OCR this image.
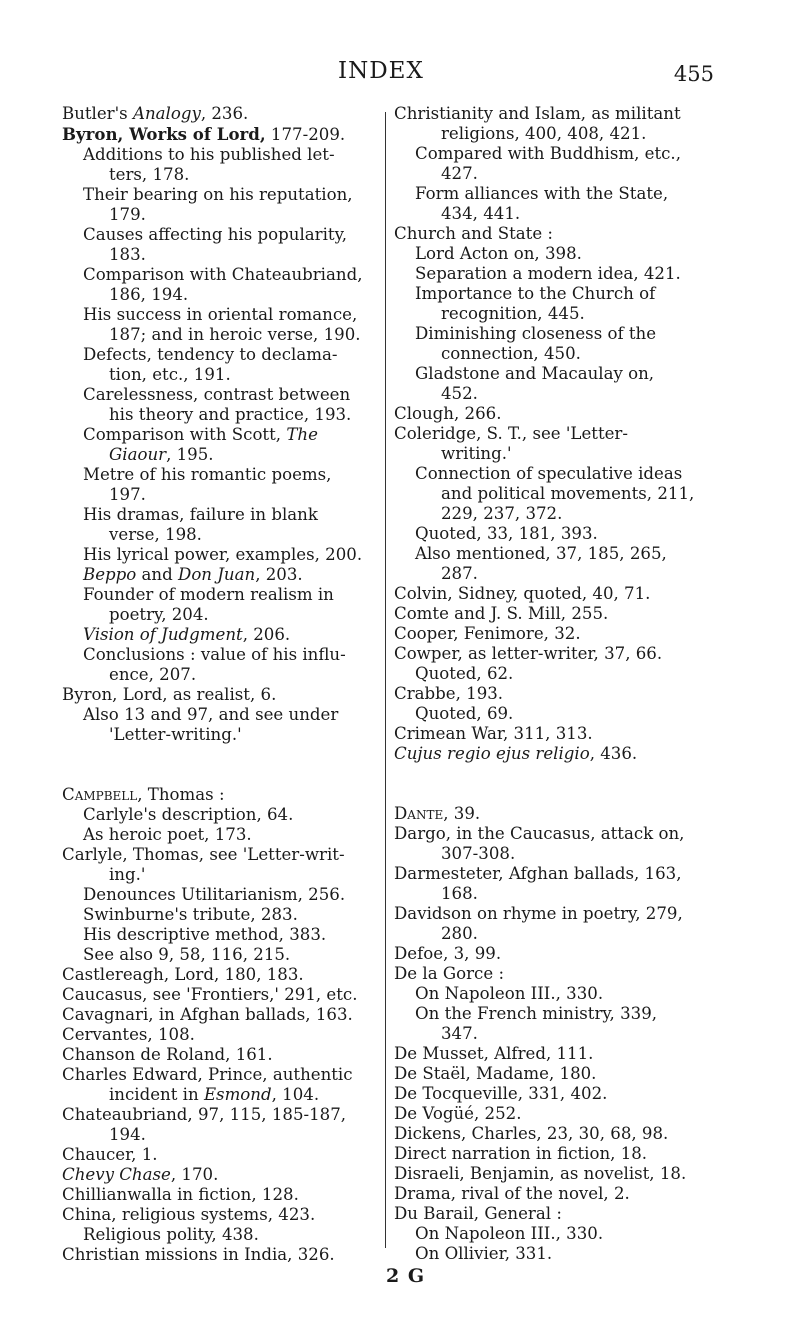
INDEX	455
Butler's Analogy, 236.
Byron, Works of Lord, 177-209.
Additions to his published let-
ters, 178.
Their bearing on his reputation,
179.
Causes affecting his popularity,
183.
Comparison with Chateaubriand,
186, 194.
His success in oriental romance,
187; and in heroic verse, 190.
Defects, tendency to declama-
tion, etc., 191.
Carelessness, contrast between
his theory and practice, 193.
Comparison with Scott, The
Giaour, 195.
Metre of his romantic poems,
197.
His dramas, failure in blank
verse, 198.
His lyrical power, examples, 200.
Beppo and Don Juan, 203.
Founder of modern realism in
poetry, 204.
Vision of Judgment, 206.
Conclusions : value of his influ-
ence, 207.
Byron, Lord, as realist, 6.
Also 13 and 97, and see under
'Letter-writing.'
Campbell, Thomas :
Carlyle's description, 64.
As heroic poet, 173.
Carlyle, Thomas, see 'Letter-writ-
ing.'
Denounces Utilitarianism, 256.
Swinburne's tribute, 283.
His descriptive method, 383.
See also 9, 58, 116, 215.
Castlereagh, Lord, 180, 183.
Caucasus, see 'Frontiers,' 291, etc.
Cavagnari, in Afghan ballads, 163.
Cervantes, 108.
Chanson de Roland, 161.
Charles Edward, Prince, authentic
incident in Esmond, 104.
Chateaubriand, 97, 115, 185-187,
194.
Chaucer, 1.
Chevy Chase, 170.
Chillianwalla in fiction, 128.
China, religious systems, 423.
Religious polity, 438.
Christian missions in India, 326.
Christianity and Islam, as militant
religions, 400, 408, 421.
Compared with Buddhism, etc.,
427.
Form alliances with the State,
434, 441.
Church and State :
Lord Acton on, 398.
Separation a modern idea, 421.
Importance to the Church of
recognition, 445.
Diminishing closeness of the
connection, 450.
Gladstone and Macaulay on,
452.
Clough, 266.
Coleridge, S. T., see 'Letter-
writing.'
Connection of speculative ideas
and political movements, 211,
229, 237, 372.
Quoted, 33, 181, 393.
Also mentioned, 37, 185, 265,
287.
Colvin, Sidney, quoted, 40, 71.
Comte and J. S. Mill, 255.
Cooper, Fenimore, 32.
Cowper, as letter-writer, 37, 66.
Quoted, 62.
Crabbe, 193.
Quoted, 69.
Crimean War, 311, 313.
Cujus regio ejus religio, 436.
Dante, 39.
Dargo, in the Caucasus, attack on,
307-308.
Darmesteter, Afghan ballads, 163,
168.
Davidson on rhyme in poetry, 279,
280.
Defoe, 3, 99.
De la Gorce :
On Napoleon III., 330.
On the French ministry, 339,
347.
De Musset, Alfred, 111.
De Staël, Madame, 180.
De Tocqueville, 331, 402.
De Vogüé, 252.
Dickens, Charles, 23, 30, 68, 98.
Direct narration in fiction, 18.
Disraeli, Benjamin, as novelist, 18.
Drama, rival of the novel, 2.
Du Barail, General :
On Napoleon III., 330.
On Ollivier, 331.
2 G
